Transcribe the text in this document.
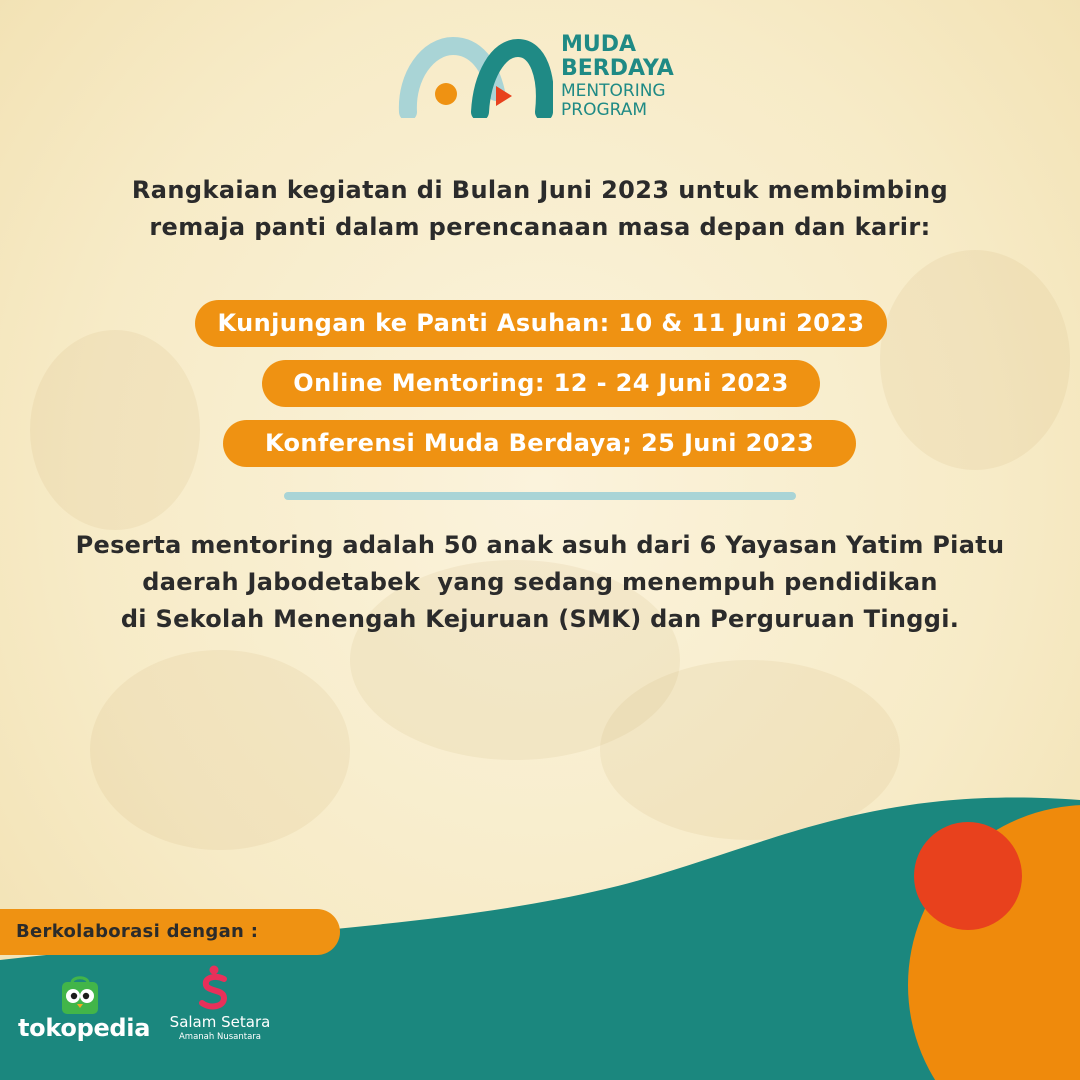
MUDA
BERDAYA
MENTORING
PROGRAM

Rangkaian kegiatan di Bulan Juni 2023 untuk membimbing
remaja panti dalam perencanaan masa depan dan karir:

Kunjungan ke Panti Asuhan: 10 & 11 Juni 2023
Online Mentoring: 12 - 24 Juni 2023
Konferensi Muda Berdaya; 25 Juni 2023

Peserta mentoring adalah 50 anak asuh dari 6 Yayasan Yatim Piatu
daerah Jabodetabek  yang sedang menempuh pendidikan
di Sekolah Menengah Kejuruan (SMK) dan Perguruan Tinggi.

Berkolaborasi dengan :
tokopedia	Salam Setara
Amanah Nusantara
